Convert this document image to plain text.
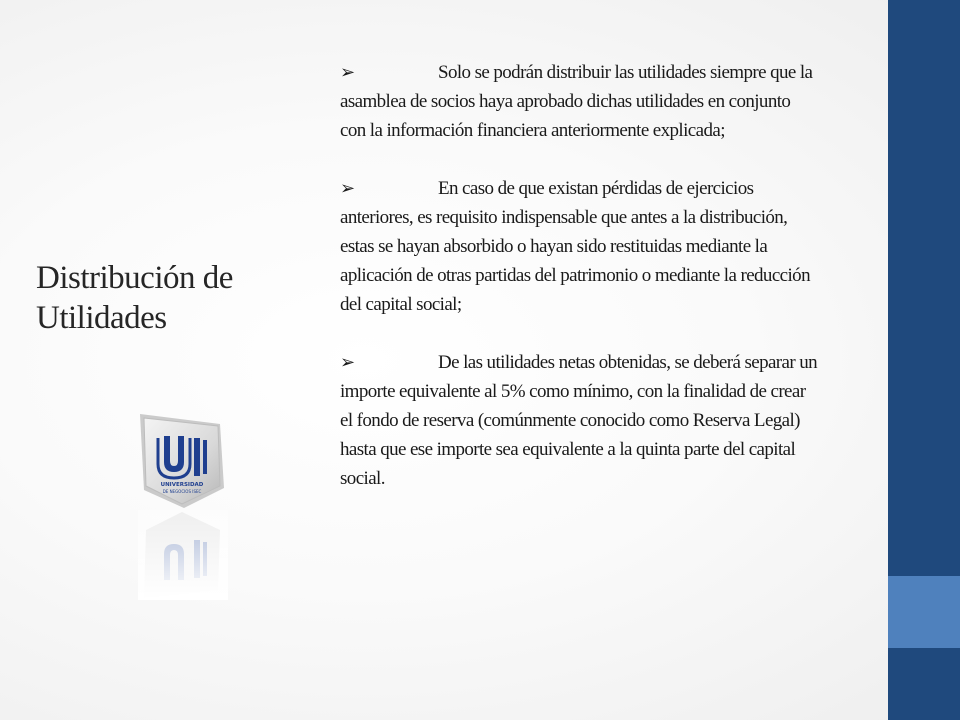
Distribución de Utilidades
UNIVERSIDAD
DE NEGOCIOS ISEC

➢	Solo se podrán distribuir las utilidades siempre que la asamblea de socios haya aprobado dichas utilidades en conjunto con la información financiera anteriormente explicada;

➢	En caso de que existan pérdidas de ejercicios anteriores, es requisito indispensable que antes a la distribución, estas se hayan absorbido o hayan sido restituidas mediante la aplicación de otras partidas del patrimonio o mediante la reducción del capital social;

➢	De las utilidades netas obtenidas, se deberá separar un importe equivalente al 5% como mínimo, con la finalidad de crear el fondo de reserva (comúnmente conocido como Reserva Legal) hasta que ese importe sea equivalente a la quinta parte del capital social.
